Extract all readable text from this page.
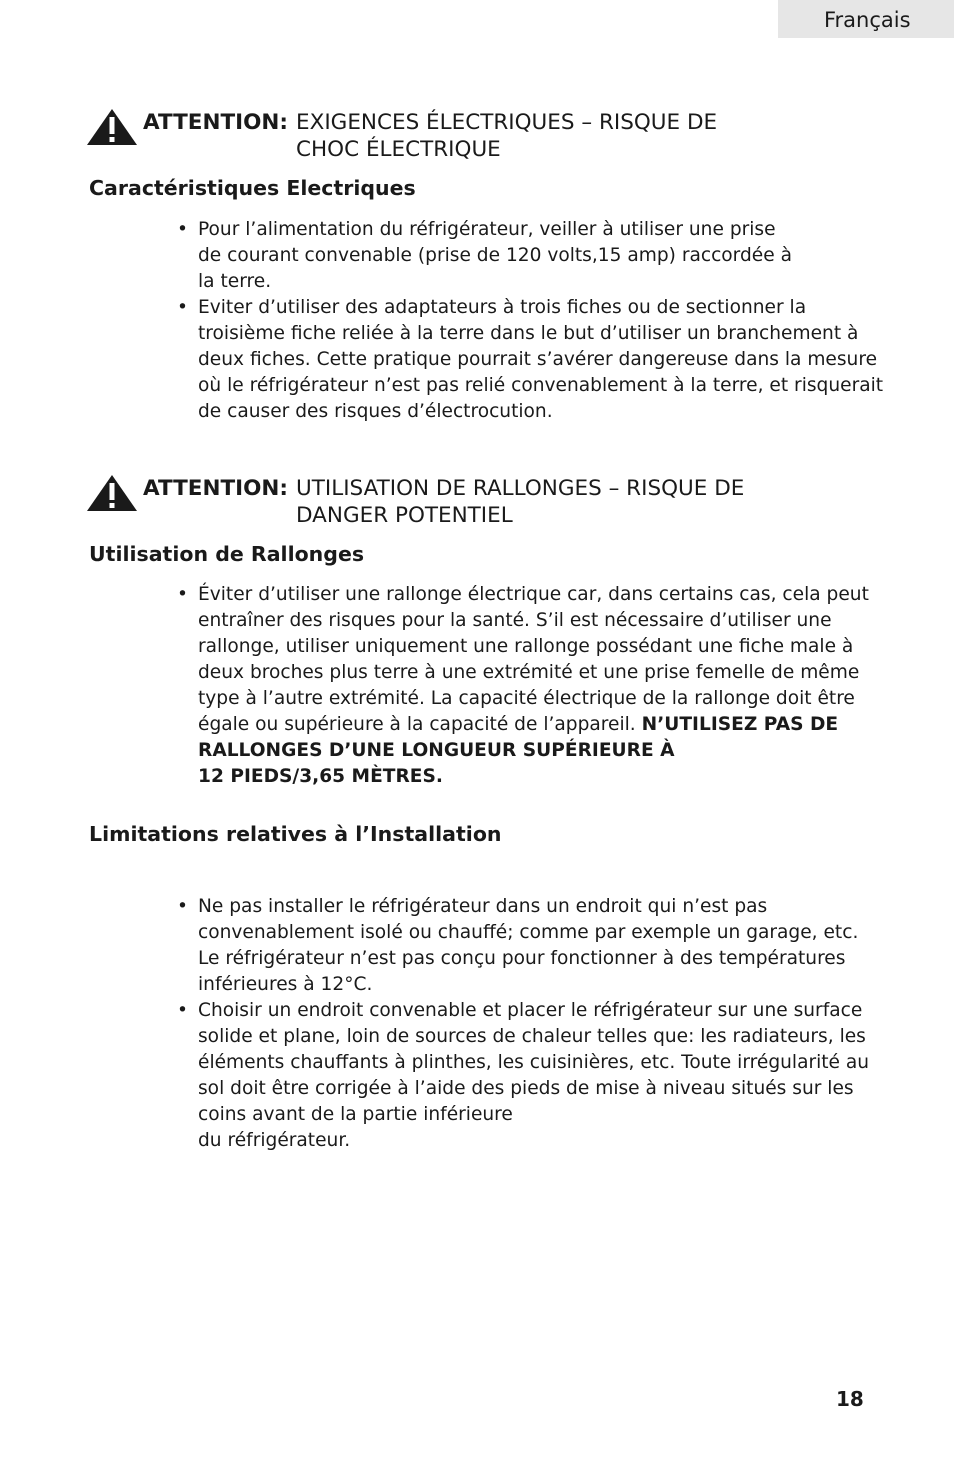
Français
ATTENTION: EXIGENCES ÉLECTRIQUES – RISQUE DE
CHOC ÉLECTRIQUE
Caractéristiques Electriques
• Pour l’alimentation du réfrigérateur, veiller à utiliser une prise
de courant convenable (prise de 120 volts,15 amp) raccordée à
la terre.
• Eviter d’utiliser des adaptateurs à trois fiches ou de sectionner la
troisième fiche reliée à la terre dans le but d’utiliser un branchement à
deux fiches. Cette pratique pourrait s’avérer dangereuse dans la mesure
où le réfrigérateur n’est pas relié convenablement à la terre, et risquerait
de causer des risques d’électrocution.
ATTENTION: UTILISATION DE RALLONGES – RISQUE DE
DANGER POTENTIEL
Utilisation de Rallonges
• Éviter d’utiliser une rallonge électrique car, dans certains cas, cela peut
entraîner des risques pour la santé. S’il est nécessaire d’utiliser une
rallonge, utiliser uniquement une rallonge possédant une fiche male à
deux broches plus terre à une extrémité et une prise femelle de même
type à l’autre extrémité. La capacité électrique de la rallonge doit être
égale ou supérieure à la capacité de l’appareil. N’UTILISEZ PAS DE
RALLONGES D’UNE LONGUEUR SUPÉRIEURE À
12 PIEDS/3,65 MÈTRES.
Limitations relatives à l’Installation
• Ne pas installer le réfrigérateur dans un endroit qui n’est pas
convenablement isolé ou chauffé; comme par exemple un garage, etc.
Le réfrigérateur n’est pas conçu pour fonctionner à des températures
inférieures à 12°C.
• Choisir un endroit convenable et placer le réfrigérateur sur une surface
solide et plane, loin de sources de chaleur telles que: les radiateurs, les
éléments chauffants à plinthes, les cuisinières, etc. Toute irrégularité au
sol doit être corrigée à l’aide des pieds de mise à niveau situés sur les
coins avant de la partie inférieure
du réfrigérateur.
18
